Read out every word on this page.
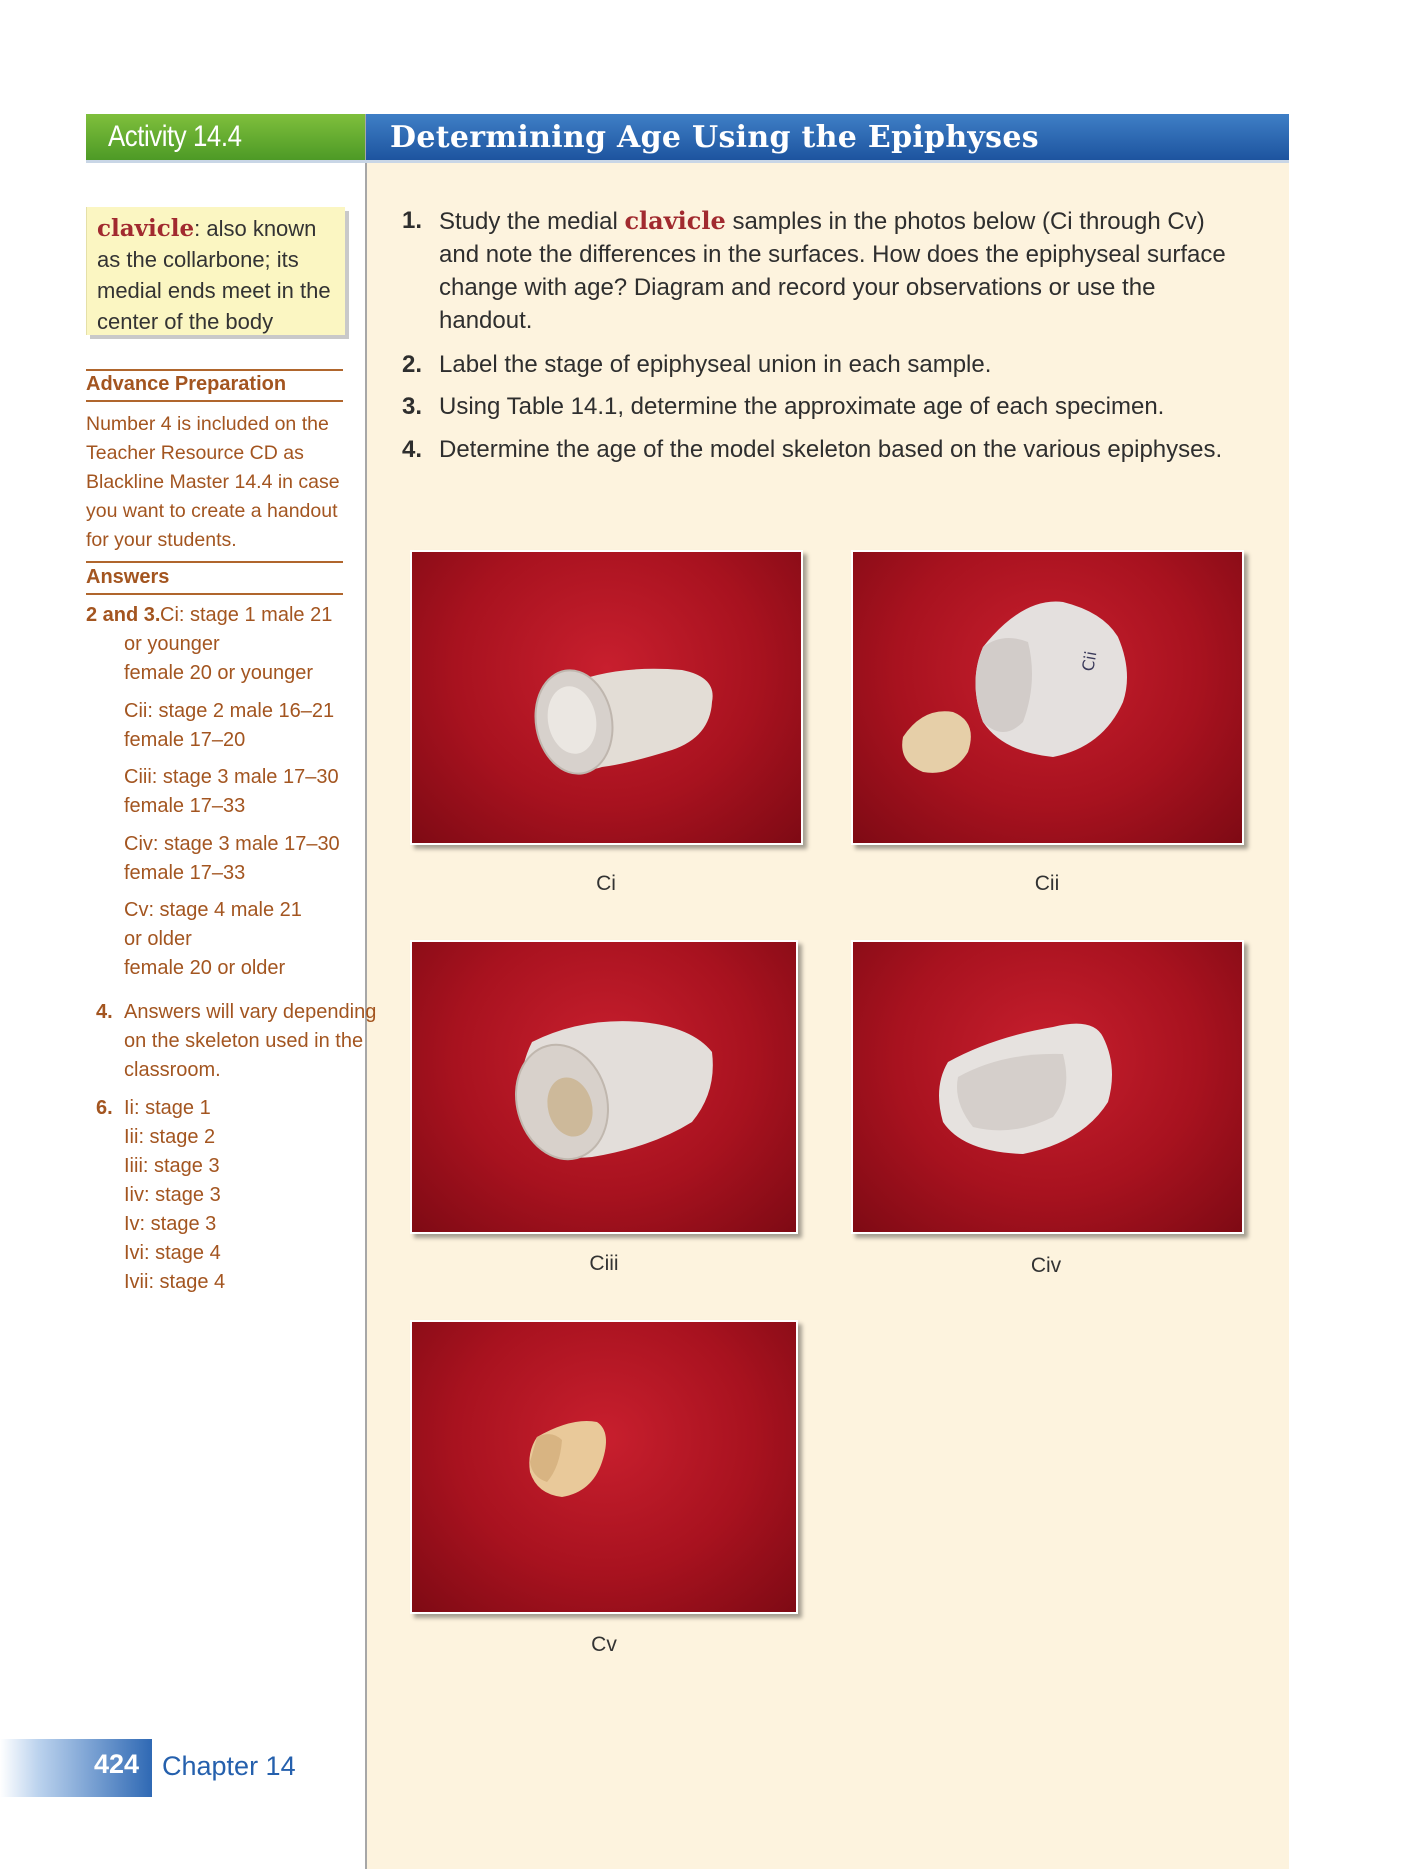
Activity 14.4	Determining Age Using the Epiphyses

clavicle: also known as the collarbone; its medial ends meet in the center of the body

Advance Preparation
Number 4 is included on the Teacher Resource CD as Blackline Master 14.4 in case you want to create a handout for your students.
Answers
2 and 3. Ci: stage 1 male 21
or younger
female 20 or younger
Cii: stage 2 male 16–21
female 17–20
Ciii: stage 3 male 17–30
female 17–33
Civ: stage 3 male 17–30
female 17–33
Cv: stage 4 male 21
or older
female 20 or older
4. Answers will vary depending
on the skeleton used in the
classroom.
6. Ii: stage 1
Iii: stage 2
Iiii: stage 3
Iiv: stage 3
Iv: stage 3
Ivi: stage 4
Ivii: stage 4
1. Study the medial clavicle samples in the photos below (Ci through Cv) and note the differences in the surfaces. How does the epiphyseal surface change with age? Diagram and record your observations or use the handout.
2. Label the stage of epiphyseal union in each sample.
3. Using Table 14.1, determine the approximate age of each specimen.
4. Determine the age of the model skeleton based on the various epiphyses.
Ci
Cii
Cii
Ciii	Civ
Cv
424 Chapter 14
